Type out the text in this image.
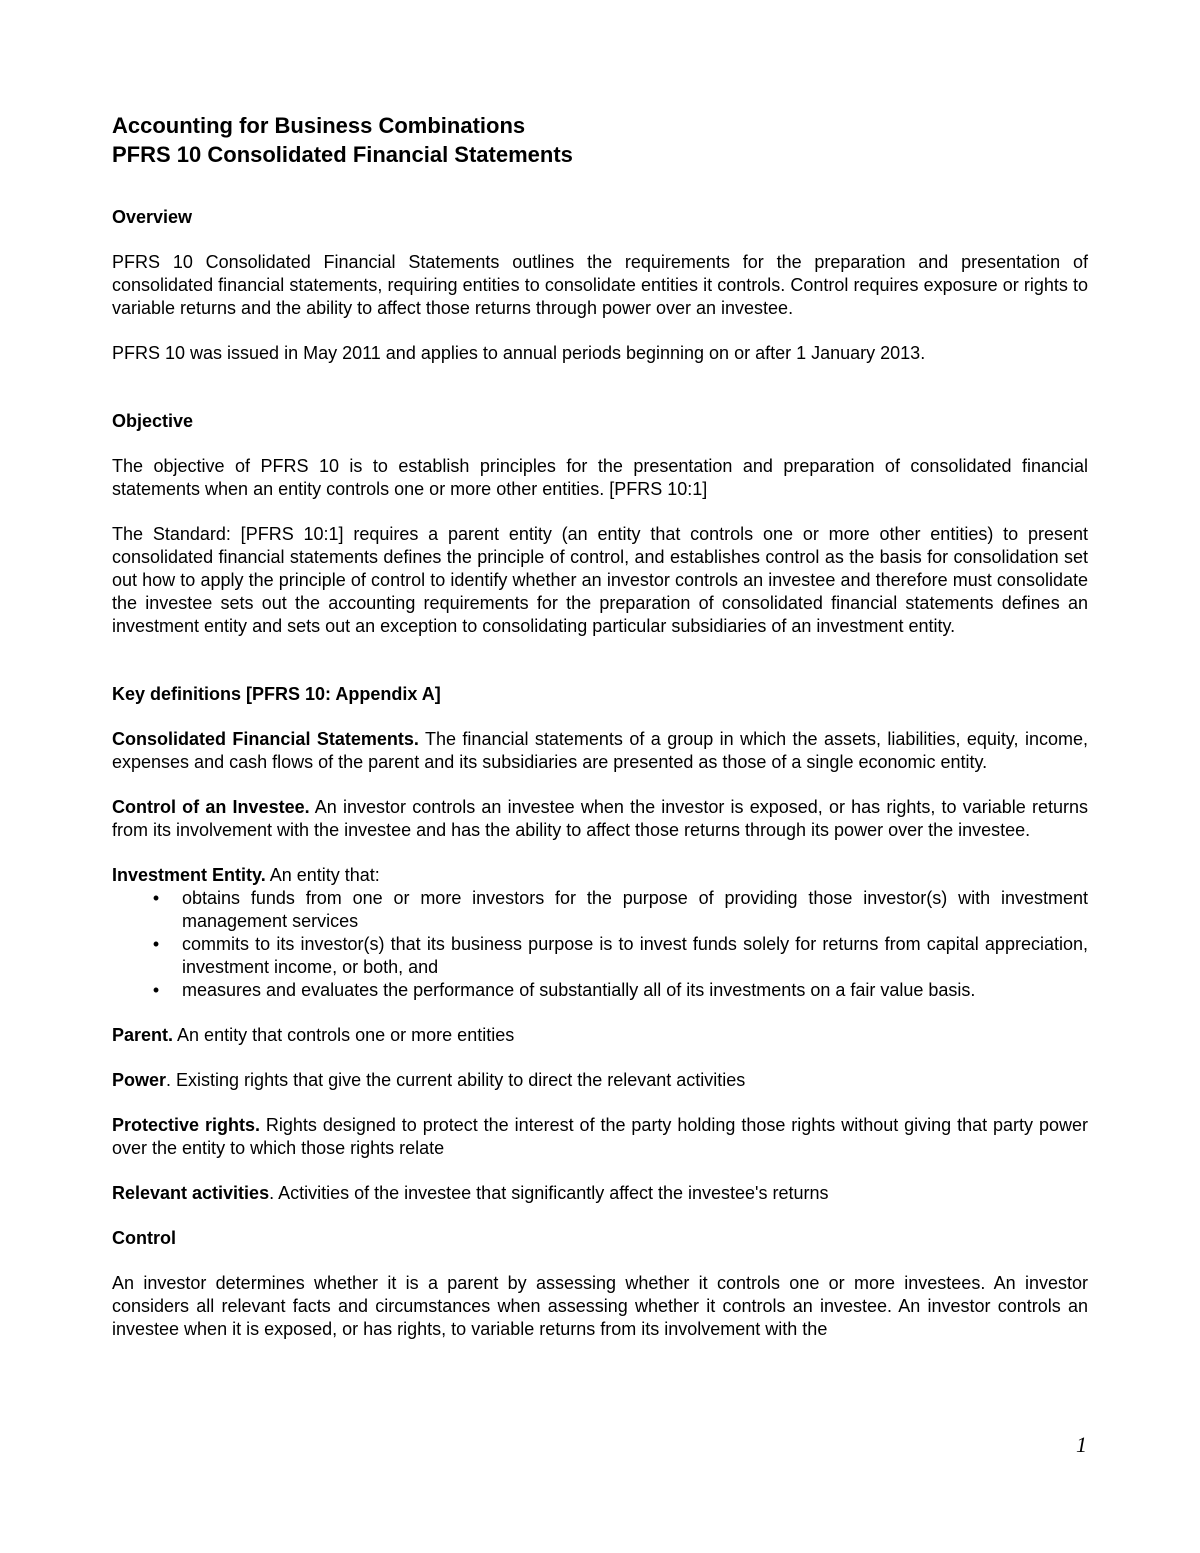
Accounting for Business Combinations

PFRS 10 Consolidated Financial Statements

Overview

PFRS 10 Consolidated Financial Statements outlines the requirements for the preparation and presentation of consolidated financial statements, requiring entities to consolidate entities it controls. Control requires exposure or rights to variable returns and the ability to affect those returns through power over an investee.

PFRS 10 was issued in May 2011 and applies to annual periods beginning on or after 1 January 2013.

Objective

The objective of PFRS 10 is to establish principles for the presentation and preparation of consolidated financial statements when an entity controls one or more other entities. [PFRS 10:1]

The Standard: [PFRS 10:1] requires a parent entity (an entity that controls one or more other entities) to present consolidated financial statements defines the principle of control, and establishes control as the basis for consolidation set out how to apply the principle of control to identify whether an investor controls an investee and therefore must consolidate the investee sets out the accounting requirements for the preparation of consolidated financial statements defines an investment entity and sets out an exception to consolidating particular subsidiaries of an investment entity.

Key definitions [PFRS 10: Appendix A]

Consolidated Financial Statements. The financial statements of a group in which the assets, liabilities, equity, income, expenses and cash flows of the parent and its subsidiaries are presented as those of a single economic entity.

Control of an Investee. An investor controls an investee when the investor is exposed, or has rights, to variable returns from its involvement with the investee and has the ability to affect those returns through its power over the investee.

Investment Entity. An entity that:

•	obtains funds from one or more investors for the purpose of providing those investor(s) with investment management services
•	commits to its investor(s) that its business purpose is to invest funds solely for returns from capital appreciation, investment income, or both, and
•	measures and evaluates the performance of substantially all of its investments on a fair value basis.

Parent. An entity that controls one or more entities

Power. Existing rights that give the current ability to direct the relevant activities

Protective rights. Rights designed to protect the interest of the party holding those rights without giving that party power over the entity to which those rights relate

Relevant activities. Activities of the investee that significantly affect the investee's returns

Control

An investor determines whether it is a parent by assessing whether it controls one or more investees. An investor considers all relevant facts and circumstances when assessing whether it controls an investee. An investor controls an investee when it is exposed, or has rights, to variable returns from its involvement with the

1
